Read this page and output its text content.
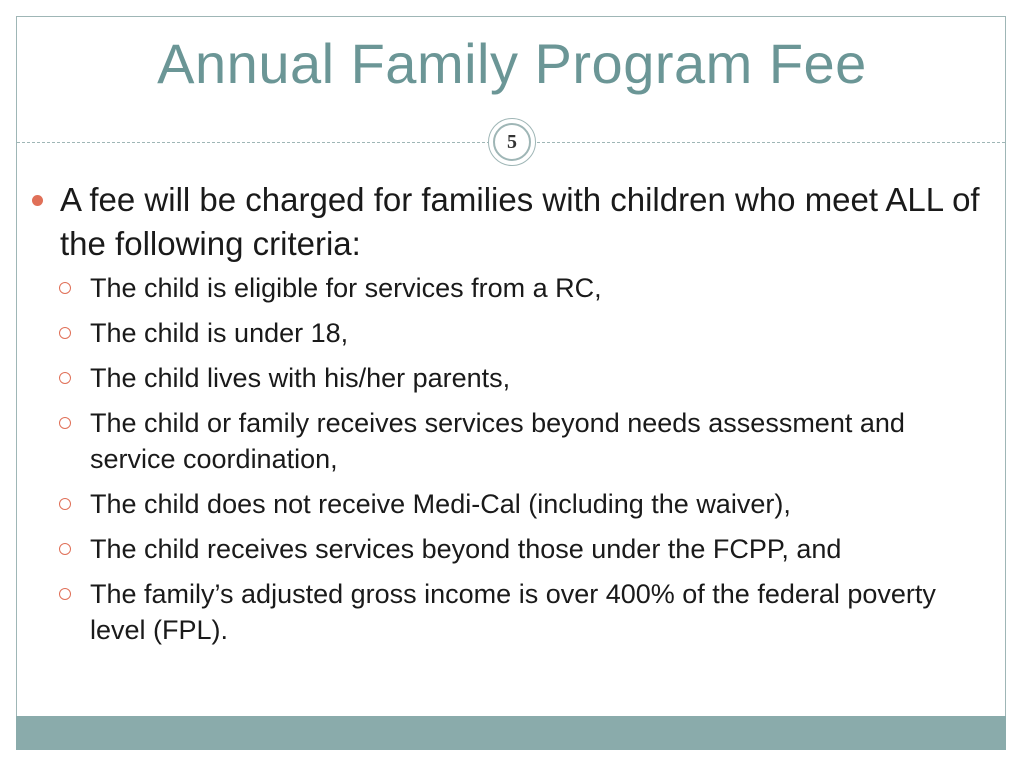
Annual Family Program Fee
5
A fee will be charged for families with children who meet ALL of the following criteria:
The child is eligible for services from a RC,
The child is under 18,
The child lives with his/her parents,
The child or family receives services beyond needs assessment and service coordination,
The child does not receive Medi-Cal (including the waiver),
The child receives services beyond those under the FCPP, and
The family’s adjusted gross income is over 400% of the federal poverty level (FPL).
